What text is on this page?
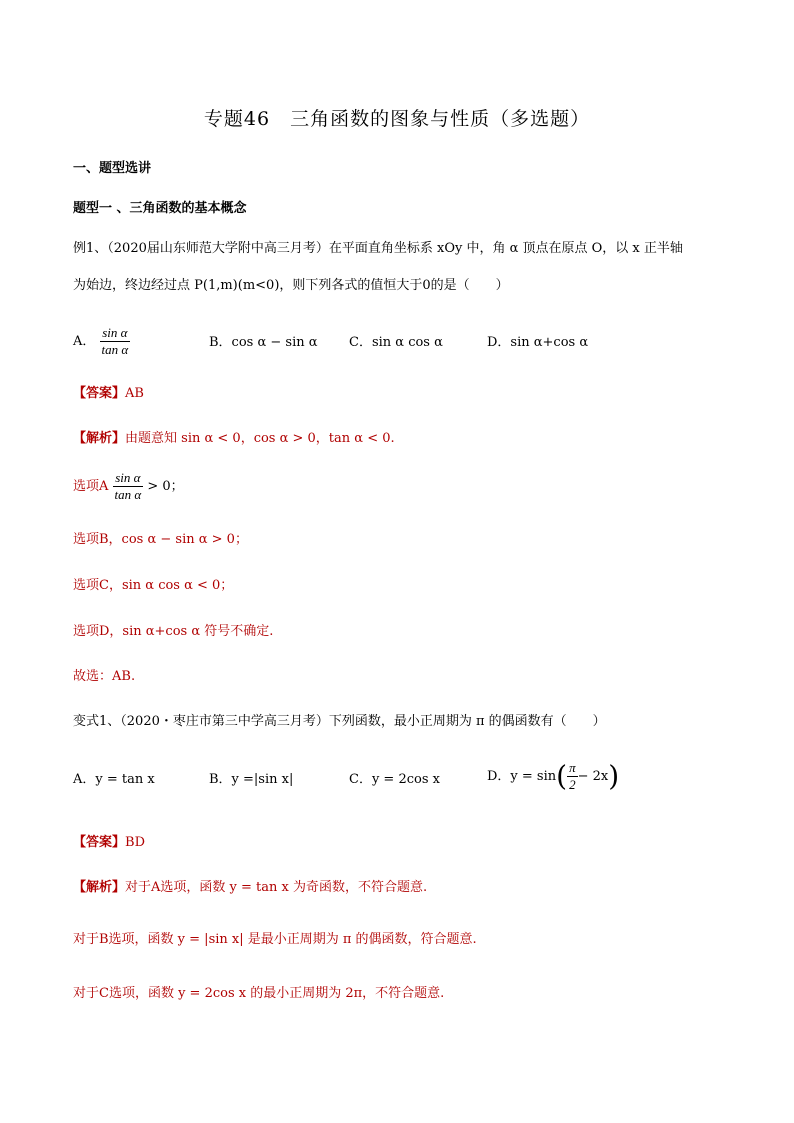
专题46　三角函数的图象与性质（多选题）
一、题型选讲
题型一 、三角函数的基本概念
例1、（2020届山东师范大学附中高三月考）在平面直角坐标系 xOy 中，角 α 顶点在原点 O，以 x 正半轴
为始边，终边经过点 P(1,m)(m<0)，则下列各式的值恒大于0的是（　　）
A． $\frac{\text{sin α}}{\text{tan α}}$	B．cos α − sin α C．sin α cos α	D．sin α+cos α
【答案】AB
【解析】由题意知 sin α < 0，cos α > 0，tan α < 0.
选项A $\frac{\text{sin α}}{\text{tan α}} > 0$；
选项B，cos α − sin α > 0；
选项C，sin α cos α < 0；
选项D，sin α+cos α 符号不确定.
故选：AB.
变式1、（2020・枣庄市第三中学高三月考）下列函数，最小正周期为 π 的偶函数有（　　）
A．y = tan x	B．y =|sin x|	C．y = 2cos x	D．$y = \sin( \frac{\pi}{2} - 2x)$
【答案】BD
【解析】对于A选项，函数 y = tan x 为奇函数，不符合题意.
对于B选项，函数 y = |sin x| 是最小正周期为 π 的偶函数，符合题意.
对于C选项，函数 y = 2cos x 的最小正周期为 2π，不符合题意.
